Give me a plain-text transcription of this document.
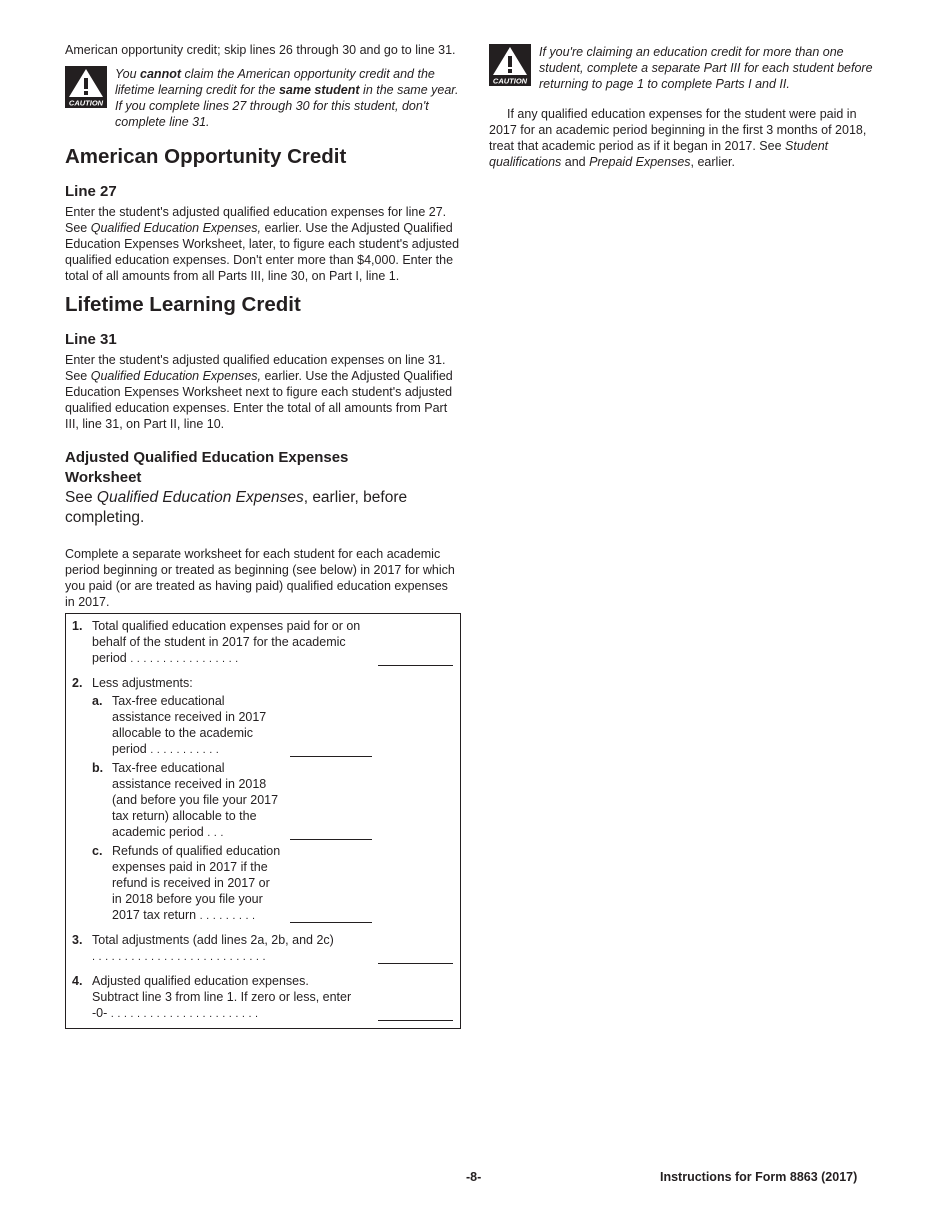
American opportunity credit; skip lines 26 through 30 and go to line 31.

CAUTION

You cannot claim the American opportunity credit and the lifetime learning credit for the same student in the same year. If you complete lines 27 through 30 for this student, don't complete line 31.

American Opportunity Credit
Line 27

Enter the student's adjusted qualified education expenses for line 27. See Qualified Education Expenses, earlier. Use the Adjusted Qualified Education Expenses Worksheet, later, to figure each student's adjusted qualified education expenses. Don't enter more than $4,000. Enter the total of all amounts from all Parts III, line 30, on Part I, line 1.

Lifetime Learning Credit
Line 31

Enter the student's adjusted qualified education expenses on line 31. See Qualified Education Expenses, earlier. Use the Adjusted Qualified Education Expenses Worksheet next to figure each student's adjusted qualified education expenses. Enter the total of all amounts from Part III, line 31, on Part II, line 10.

Adjusted Qualified Education Expenses Worksheet

See Qualified Education Expenses, earlier, before completing.

Complete a separate worksheet for each student for each academic period beginning or treated as beginning (see below) in 2017 for which you paid (or are treated as having paid) qualified education expenses in 2017.

1. Total qualified education expenses paid for or on behalf of the student in 2017 for the academic period .................
2. Less adjustments:
a. Tax-free educational assistance received in 2017 allocable to the academic period ...........
b. Tax-free educational assistance received in 2018 (and before you file your 2017 tax return) allocable to the academic period ...
c. Refunds of qualified education expenses paid in 2017 if the refund is received in 2017 or in 2018 before you file your 2017 tax return .........
3. Total adjustments (add lines 2a, 2b, and 2c) ...........................
4. Adjusted qualified education expenses. Subtract line 3 from line 1. If zero or less, enter -0- .......................
CAUTION

If you're claiming an education credit for more than one student, complete a separate Part III for each student before returning to page 1 to complete Parts I and II.

If any qualified education expenses for the student were paid in 2017 for an academic period beginning in the first 3 months of 2018, treat that academic period as if it began in 2017. See Student qualifications and Prepaid Expenses, earlier.

-8-	Instructions for Form 8863 (2017)
